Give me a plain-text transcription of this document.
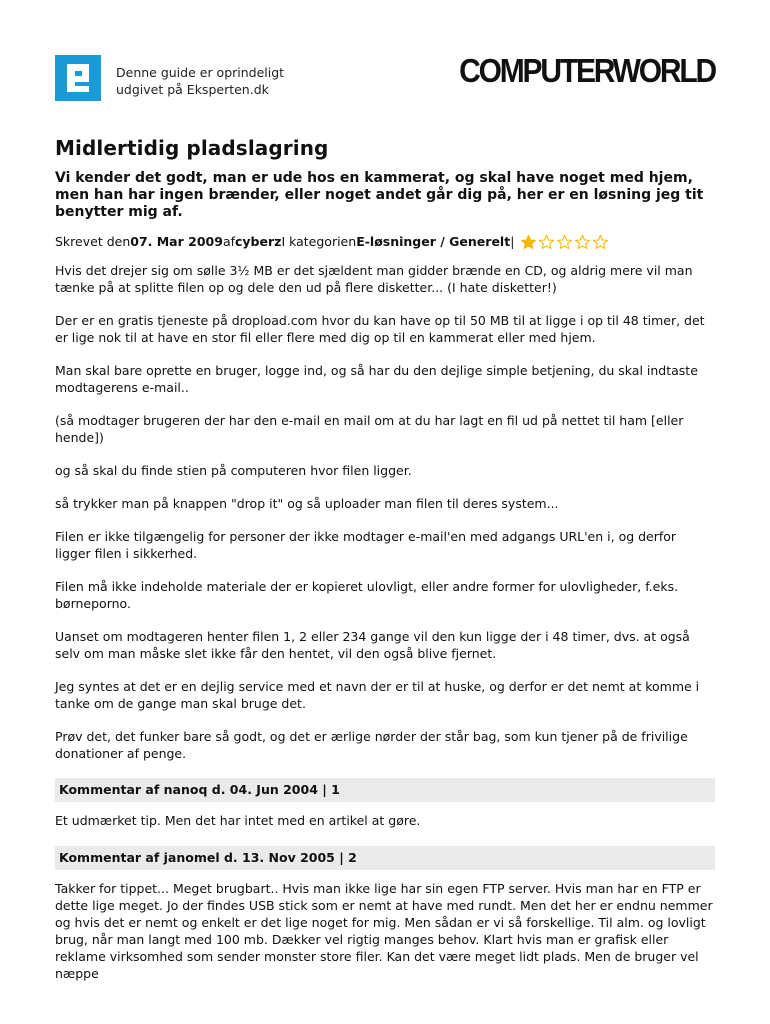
Denne guide er oprindeligt
udgivet på Eksperten.dk	COMPUTERWORLD
Midlertidig pladslagring
Vi kender det godt, man er ude hos en kammerat, og skal have noget med hjem, men han har ingen brænder, eller noget andet går dig på, her er en løsning jeg tit benytter mig af.
Skrevet den 07. Mar 2009 af cyberz I kategorien E-løsninger / Generelt |

Hvis det drejer sig om sølle 3½ MB er det sjældent man gidder brænde en CD, og aldrig mere vil man tænke på at splitte filen op og dele den ud på flere disketter... (I hate disketter!)

Der er en gratis tjeneste på dropload.com hvor du kan have op til 50 MB til at ligge i op til 48 timer, det er lige nok til at have en stor fil eller flere med dig op til en kammerat eller med hjem.

Man skal bare oprette en bruger, logge ind, og så har du den dejlige simple betjening, du skal indtaste modtagerens e-mail..

(så modtager brugeren der har den e-mail en mail om at du har lagt en fil ud på nettet til ham [eller hende])

og så skal du finde stien på computeren hvor filen ligger.

så trykker man på knappen "drop it" og så uploader man filen til deres system...

Filen er ikke tilgængelig for personer der ikke modtager e-mail'en med adgangs URL'en i, og derfor ligger filen i sikkerhed.

Filen må ikke indeholde materiale der er kopieret ulovligt, eller andre former for ulovligheder, f.eks. børneporno.

Uanset om modtageren henter filen 1, 2 eller 234 gange vil den kun ligge der i 48 timer, dvs. at også selv om man måske slet ikke får den hentet, vil den også blive fjernet.

Jeg syntes at det er en dejlig service med et navn der er til at huske, og derfor er det nemt at komme i tanke om de gange man skal bruge det.

Prøv det, det funker bare så godt, og det er ærlige nørder der står bag, som kun tjener på de frivilige donationer af penge.

Kommentar af nanoq d. 04. Jun 2004 | 1
Et udmærket tip. Men det har intet med en artikel at gøre.
Kommentar af janomel d. 13. Nov 2005 | 2
Takker for tippet... Meget brugbart.. Hvis man ikke lige har sin egen FTP server. Hvis man har en FTP er dette lige meget. Jo der findes USB stick som er nemt at have med rundt. Men det her er endnu nemmer og hvis det er nemt og enkelt er det lige noget for mig. Men sådan er vi så forskellige. Til alm. og lovligt brug, når man langt med 100 mb. Dækker vel rigtig manges behov. Klart hvis man er grafisk eller reklame virksomhed som sender monster store filer. Kan det være meget lidt plads. Men de bruger vel næppe
